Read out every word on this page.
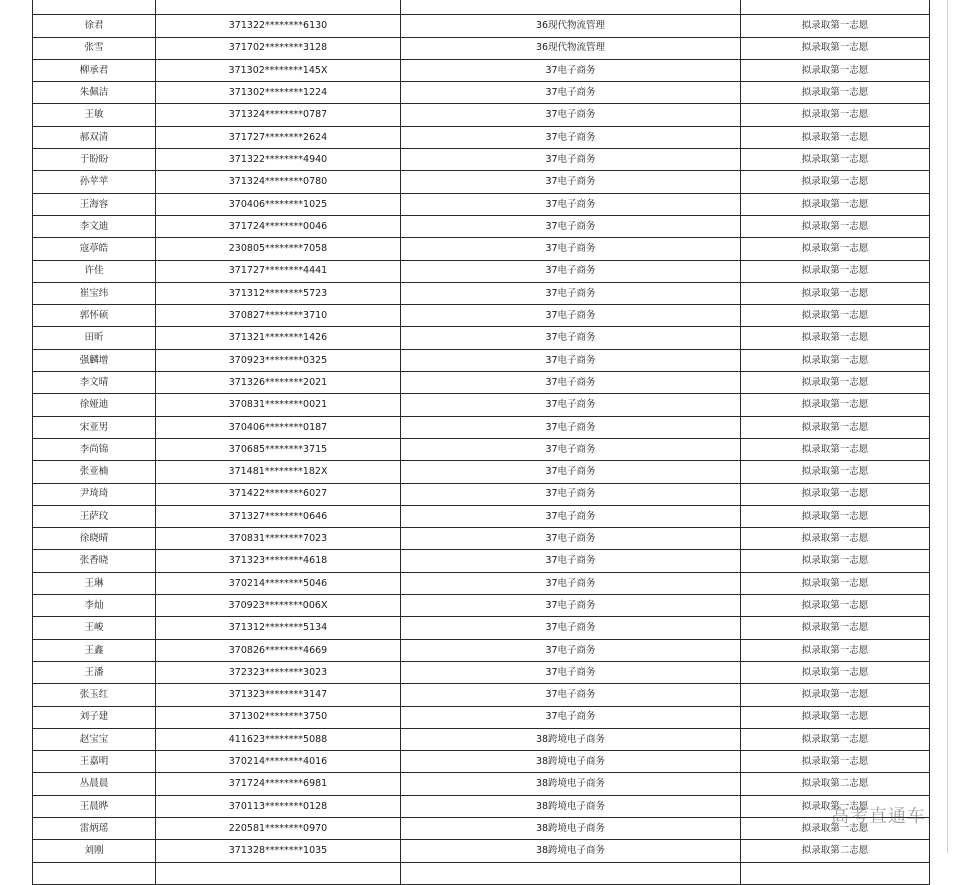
徐君	371322********6130	36现代物流管理	拟录取第一志愿
张雪	371702********3128	36现代物流管理	拟录取第一志愿
柳承君	371302********145X	37电子商务	拟录取第一志愿
朱佩洁	371302********1224	37电子商务	拟录取第一志愿
王敏	371324********0787	37电子商务	拟录取第一志愿
郝双清	371727********2624	37电子商务	拟录取第一志愿
于盼盼	371322********4940	37电子商务	拟录取第一志愿
孙苹苹	371324********0780	37电子商务	拟录取第一志愿
王海容	370406********1025	37电子商务	拟录取第一志愿
李文迪	371724********0046	37电子商务	拟录取第一志愿
寇葶皓	230805********7058	37电子商务	拟录取第一志愿
许佳	371727********4441	37电子商务	拟录取第一志愿
崔宝纬	371312********5723	37电子商务	拟录取第一志愿
郭怀硕	370827********3710	37电子商务	拟录取第一志愿
田昕	371321********1426	37电子商务	拟录取第一志愿
强麟增	370923********0325	37电子商务	拟录取第一志愿
李文晴	371326********2021	37电子商务	拟录取第一志愿
徐娅迪	370831********0021	37电子商务	拟录取第一志愿
宋亚男	370406********0187	37电子商务	拟录取第一志愿
李尚锦	370685********3715	37电子商务	拟录取第一志愿
张亚楠	371481********182X	37电子商务	拟录取第一志愿
尹琦琦	371422********6027	37电子商务	拟录取第一志愿
王萨玟	371327********0646	37电子商务	拟录取第一志愿
徐晓晴	370831********7023	37电子商务	拟录取第一志愿
张香晓	371323********4618	37电子商务	拟录取第一志愿
王琳	370214********5046	37电子商务	拟录取第一志愿
李灿	370923********006X	37电子商务	拟录取第一志愿
王峻	371312********5134	37电子商务	拟录取第一志愿
王鑫	370826********4669	37电子商务	拟录取第一志愿
王潘	372323********3023	37电子商务	拟录取第一志愿
张玉红	371323********3147	37电子商务	拟录取第一志愿
刘子建	371302********3750	37电子商务	拟录取第一志愿
赵宝宝	411623********5088	38跨境电子商务	拟录取第一志愿
王嘉明	370214********4016	38跨境电子商务	拟录取第一志愿
丛晨晨	371724********6981	38跨境电子商务	拟录取第二志愿
王晨晔	370113********0128	38跨境电子商务	拟录取第一志愿
雷炳瑶	220581********0970	38跨境电子商务	拟录取第一志愿
刘刚	371328********1035	38跨境电子商务	拟录取第二志愿

高考直通车
